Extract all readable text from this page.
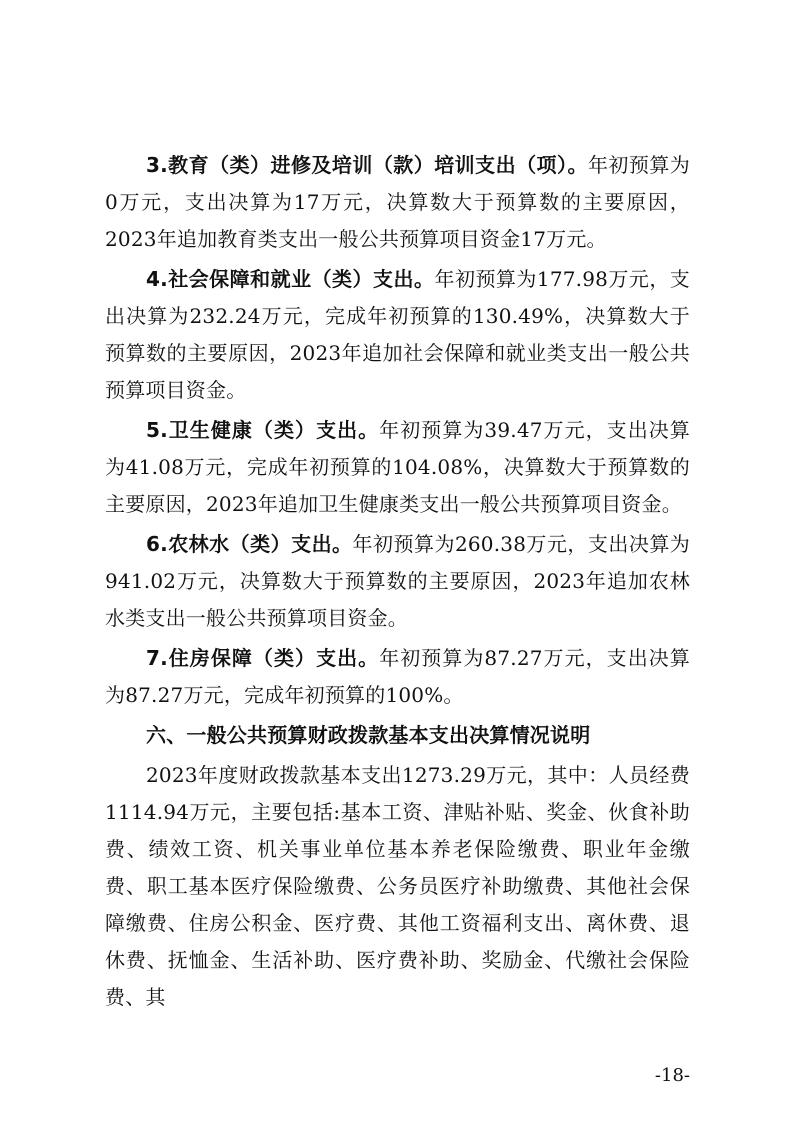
3.教育（类）进修及培训（款）培训支出（项）。年初预算为0万元，支出决算为17万元，决算数大于预算数的主要原因，2023年追加教育类支出一般公共预算项目资金17万元。

4.社会保障和就业（类）支出。年初预算为177.98万元，支出决算为232.24万元，完成年初预算的130.49%，决算数大于预算数的主要原因，2023年追加社会保障和就业类支出一般公共预算项目资金。

5.卫生健康（类）支出。年初预算为39.47万元，支出决算为41.08万元，完成年初预算的104.08%，决算数大于预算数的主要原因，2023年追加卫生健康类支出一般公共预算项目资金。

6.农林水（类）支出。年初预算为260.38万元，支出决算为941.02万元，决算数大于预算数的主要原因，2023年追加农林水类支出一般公共预算项目资金。

7.住房保障（类）支出。年初预算为87.27万元，支出决算为87.27万元，完成年初预算的100%。

六、一般公共预算财政拨款基本支出决算情况说明

2023年度财政拨款基本支出1273.29万元，其中：人员经费1114.94万元，主要包括:基本工资、津贴补贴、奖金、伙食补助费、绩效工资、机关事业单位基本养老保险缴费、职业年金缴费、职工基本医疗保险缴费、公务员医疗补助缴费、其他社会保障缴费、住房公积金、医疗费、其他工资福利支出、离休费、退休费、抚恤金、生活补助、医疗费补助、奖励金、代缴社会保险费、其

-18-
